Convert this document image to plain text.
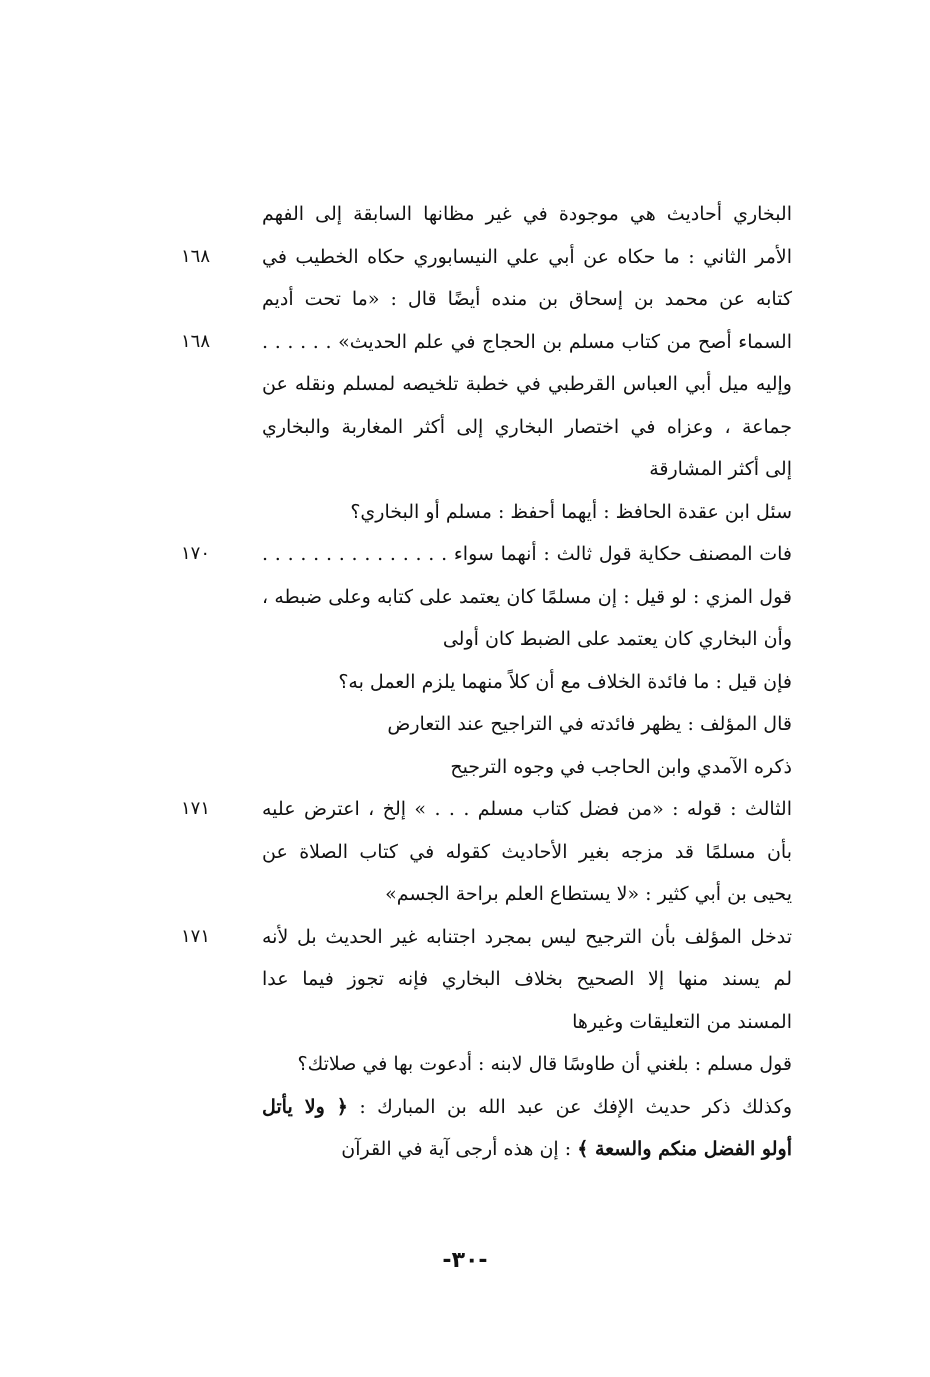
البخاري أحاديث هي موجودة في غير مظانها السابقة إلى الفهم
الأمر الثاني : ما حكاه عن أبي علي النيسابوري حكاه الخطيب في
١٦٨
كتابه عن محمد بن إسحاق بن منده أيضًا قال : «ما تحت أديم
السماء أصح من كتاب مسلم بن الحجاج في علم الحديث» . . . . . .
١٦٨
وإليه ميل أبي العباس القرطبي في خطبة تلخيصه لمسلم ونقله عن
جماعة ، وعزاه في اختصار البخاري إلى أكثر المغاربة والبخاري
إلى أكثر المشارقة
سئل ابن عقدة الحافظ : أيهما أحفظ : مسلم أو البخاري؟
فات المصنف حكاية قول ثالث : أنهما سواء . . . . . . . . . . . . . . .
١٧٠
قول المزي : لو قيل : إن مسلمًا كان يعتمد على كتابه وعلى ضبطه ،
وأن البخاري كان يعتمد على الضبط كان أولى
فإن قيل : ما فائدة الخلاف مع أن كلاً منهما يلزم العمل به؟
قال المؤلف : يظهر فائدته في التراجيح عند التعارض
ذكره الآمدي وابن الحاجب في وجوه الترجيح
الثالث : قوله : «من فضل كتاب مسلم . . . » إلخ ، اعترض عليه
١٧١
بأن مسلمًا قد مزجه بغير الأحاديث كقوله في كتاب الصلاة عن
يحيى بن أبي كثير : «لا يستطاع العلم براحة الجسم»
تدخل المؤلف بأن الترجيح ليس بمجرد اجتنابه غير الحديث بل لأنه
١٧١
لم يسند منها إلا الصحيح بخلاف البخاري فإنه تجوز فيما عدا
المسند من التعليقات وغيرها
قول مسلم : بلغني أن طاوسًا قال لابنه : أدعوت بها في صلاتك؟
وكذلك ذكر حديث الإفك عن عبد الله بن المبارك : ﴿ ولا يأتل
أولو الفضل منكم والسعة ﴾ : إن هذه أرجى آية في القرآن
-٣٠-
